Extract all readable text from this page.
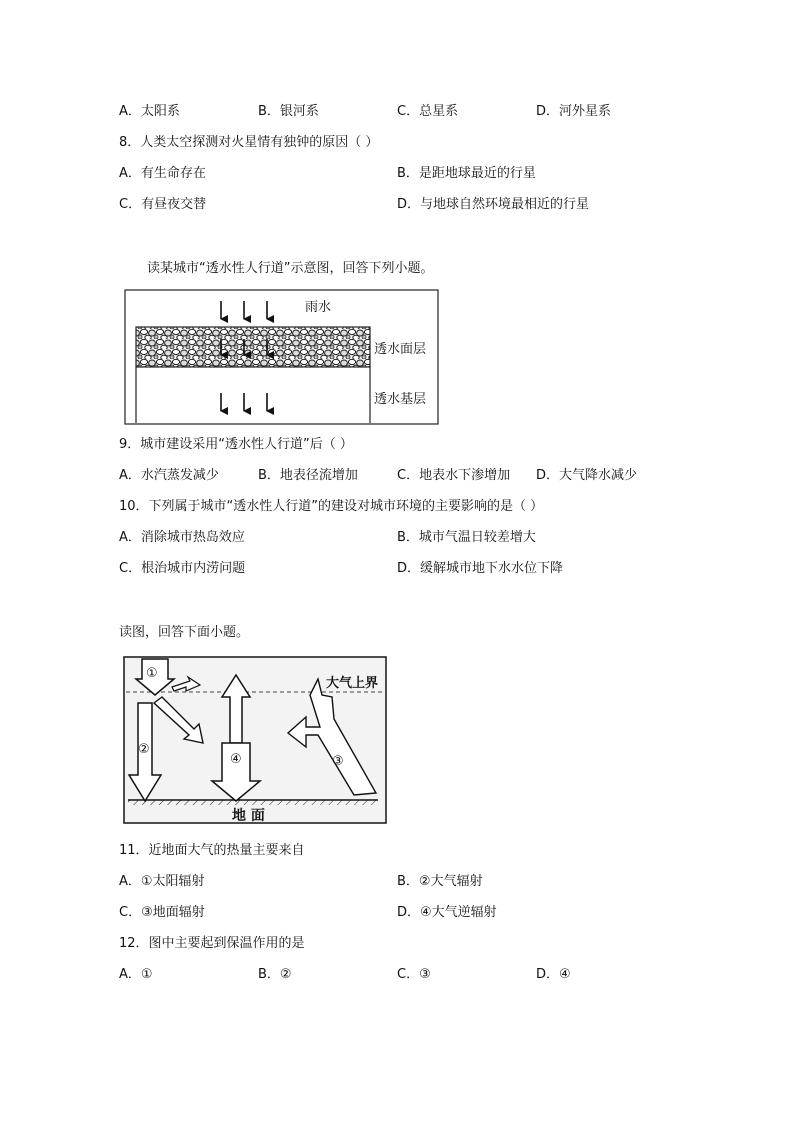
A．太阳系	B．银河系	C．总星系	D．河外星系
8．人类太空探测对火星情有独钟的原因（ ）
A．有生命存在	B．是距地球最近的行星
C．有昼夜交替	D．与地球自然环境最相近的行星
读某城市“透水性人行道”示意图，回答下列小题。
雨水
透水面层
透水基层
9．城市建设采用“透水性人行道”后（ ）
A．水汽蒸发减少	B．地表径流增加	C．地表水下渗增加 D．大气降水减少
10．下列属于城市“透水性人行道”的建设对城市环境的主要影响的是（ ）
A．消除城市热岛效应	B．城市气温日较差增大
C．根治城市内涝问题	D．缓解城市地下水水位下降
读图，回答下面小题。
①
②
④	③
大气上界
地 面
11．近地面大气的热量主要来自
A．①太阳辐射	B．②大气辐射
C．③地面辐射	D．④大气逆辐射
12．图中主要起到保温作用的是
A．①	B．②	C．③	D．④
